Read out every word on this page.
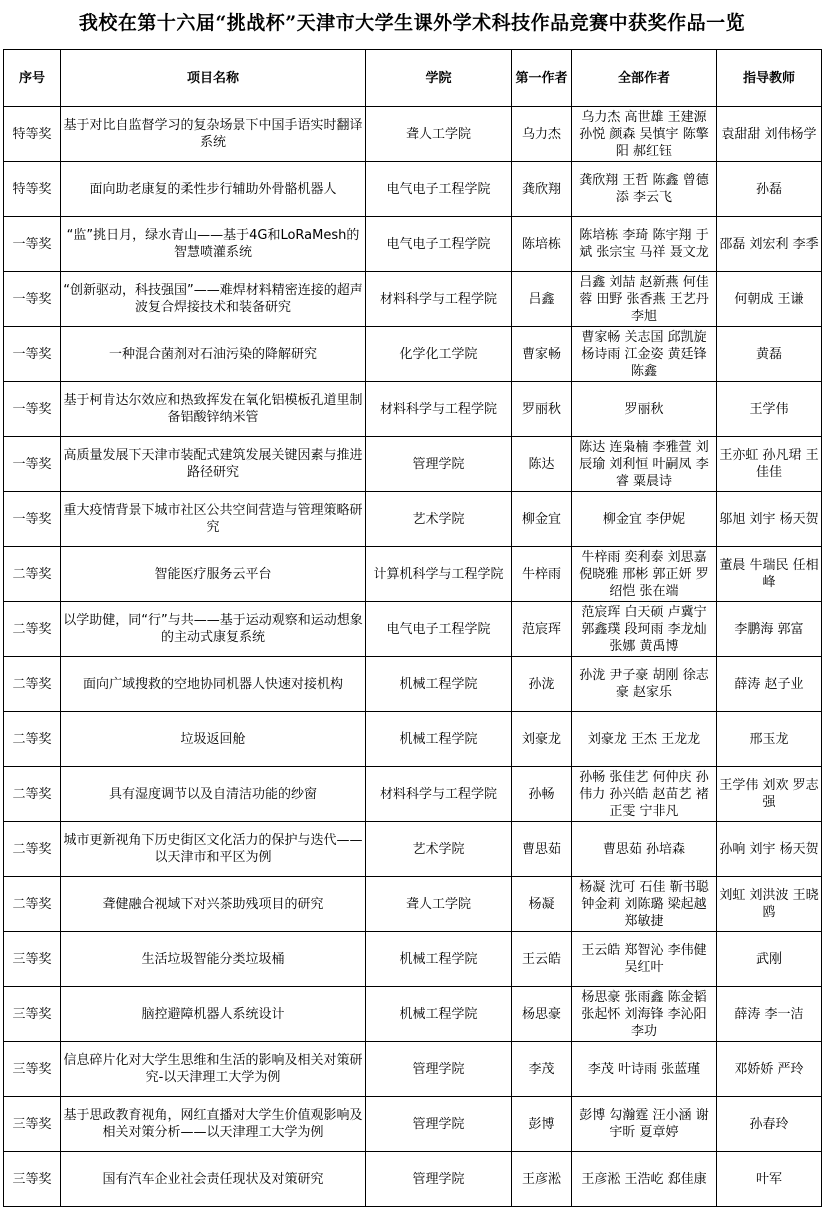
我校在第十六届“挑战杯”天津市大学生课外学术科技作品竞赛中获奖作品一览
序号	项目名称	学院	第一作者	全部作者	指导教师
特等奖	基于对比自监督学习的复杂场景下中国手语实时翻译系统	聋人工学院	乌力杰	乌力杰 高世雄 王建源 孙悦 颜森 吴慎宇 陈擎阳 郝红钰	袁甜甜 刘伟杨学
特等奖	面向助老康复的柔性步行辅助外骨骼机器人	电气电子工程学院	龚欣翔	龚欣翔 王哲 陈鑫 曾德添 李云飞	孙磊
一等奖	“监”挑日月，绿水青山——基于4G和LoRaMesh的智慧喷灌系统	电气电子工程学院	陈培栋	陈培栋 李琦 陈宇翔 于斌 张宗宝 马祥 聂文龙	邵磊 刘宏利 李季
一等奖	“创新驱动，科技强国”——难焊材料精密连接的超声波复合焊接技术和装备研究	材料科学与工程学院	吕鑫	吕鑫 刘喆 赵新燕 何佳蓉 田野 张香燕 王艺丹 李旭	何朝成 王谦
一等奖	一种混合菌剂对石油污染的降解研究	化学化工学院	曹家畅	曹家畅 关志国 邱凯旋 杨诗雨 江金姿 黄廷锋 陈鑫	黄磊
一等奖	基于柯肯达尔效应和热致挥发在氧化铝模板孔道里制备铝酸锌纳米管	材料科学与工程学院	罗丽秋	罗丽秋	王学伟
一等奖	高质量发展下天津市装配式建筑发展关键因素与推进路径研究	管理学院	陈达	陈达 连枭楠 李雅萱 刘辰瑜 刘利恒 叶嗣凤 李睿 粟晨诗	王亦虹 孙凡珺 王佳佳
一等奖	重大疫情背景下城市社区公共空间营造与管理策略研究	艺术学院	柳金宜	柳金宜 李伊妮	邬旭 刘宇 杨天贺
二等奖	智能医疗服务云平台	计算机科学与工程学院	牛梓雨	牛梓雨 奕利泰 刘思嘉 倪晓雅 邢彬 郭正妍 罗绍恺 张在端	董晨 牛瑞民 任相峰
二等奖	以学助健，同“行”与共——基于运动观察和运动想象的主动式康复系统	电气电子工程学院	范宸珲	范宸珲 白天硕 卢冀宁 郭鑫璞 段珂雨 李龙灿 张娜 黄禹博	李鹏海 郭富
二等奖	面向广域搜救的空地协同机器人快速对接机构	机械工程学院	孙泷	孙泷 尹子豪 胡刚 徐志豪 赵家乐	薛涛 赵子业
二等奖	垃圾返回舱	机械工程学院	刘豪龙	刘豪龙 王杰 王龙龙	邢玉龙
二等奖	具有湿度调节以及自清洁功能的纱窗	材料科学与工程学院	孙畅	孙畅 张佳艺 何仲庆 孙伟力 孙兴皓 赵苗艺 褚正雯 宁非凡	王学伟 刘欢 罗志强
二等奖	城市更新视角下历史街区文化活力的保护与迭代——以天津市和平区为例	艺术学院	曹思茹	曹思茹 孙培森	孙响 刘宇 杨天贺
二等奖	聋健融合视域下对兴茶助残项目的研究	聋人工学院	杨凝	杨凝 沈可 石佳 靳书聪 钟金莉 刘陈璐 梁起越 郑敏捷	刘虹 刘洪波 王晓鸥
三等奖	生活垃圾智能分类垃圾桶	机械工程学院	王云皓	王云皓 郑智沁 李伟健 吴红叶	武刚
三等奖	脑控避障机器人系统设计	机械工程学院	杨思豪	杨思豪 张雨鑫 陈金韬 张起怀 刘海锋 李沁阳 李功	薛涛 李一洁
三等奖	信息碎片化对大学生思维和生活的影响及相关对策研究-以天津理工大学为例	管理学院	李茂	李茂 叶诗雨 张蓝瑾	邓娇娇 严玲
三等奖	基于思政教育视角，网红直播对大学生价值观影响及相关对策分析——以天津理工大学为例	管理学院	彭博	彭博 勾瀚霆 汪小涵 谢宇昕 夏章婷	孙春玲
三等奖	国有汽车企业社会责任现状及对策研究	管理学院	王彦淞	王彦淞 王浩屹 郄佳康	叶军
